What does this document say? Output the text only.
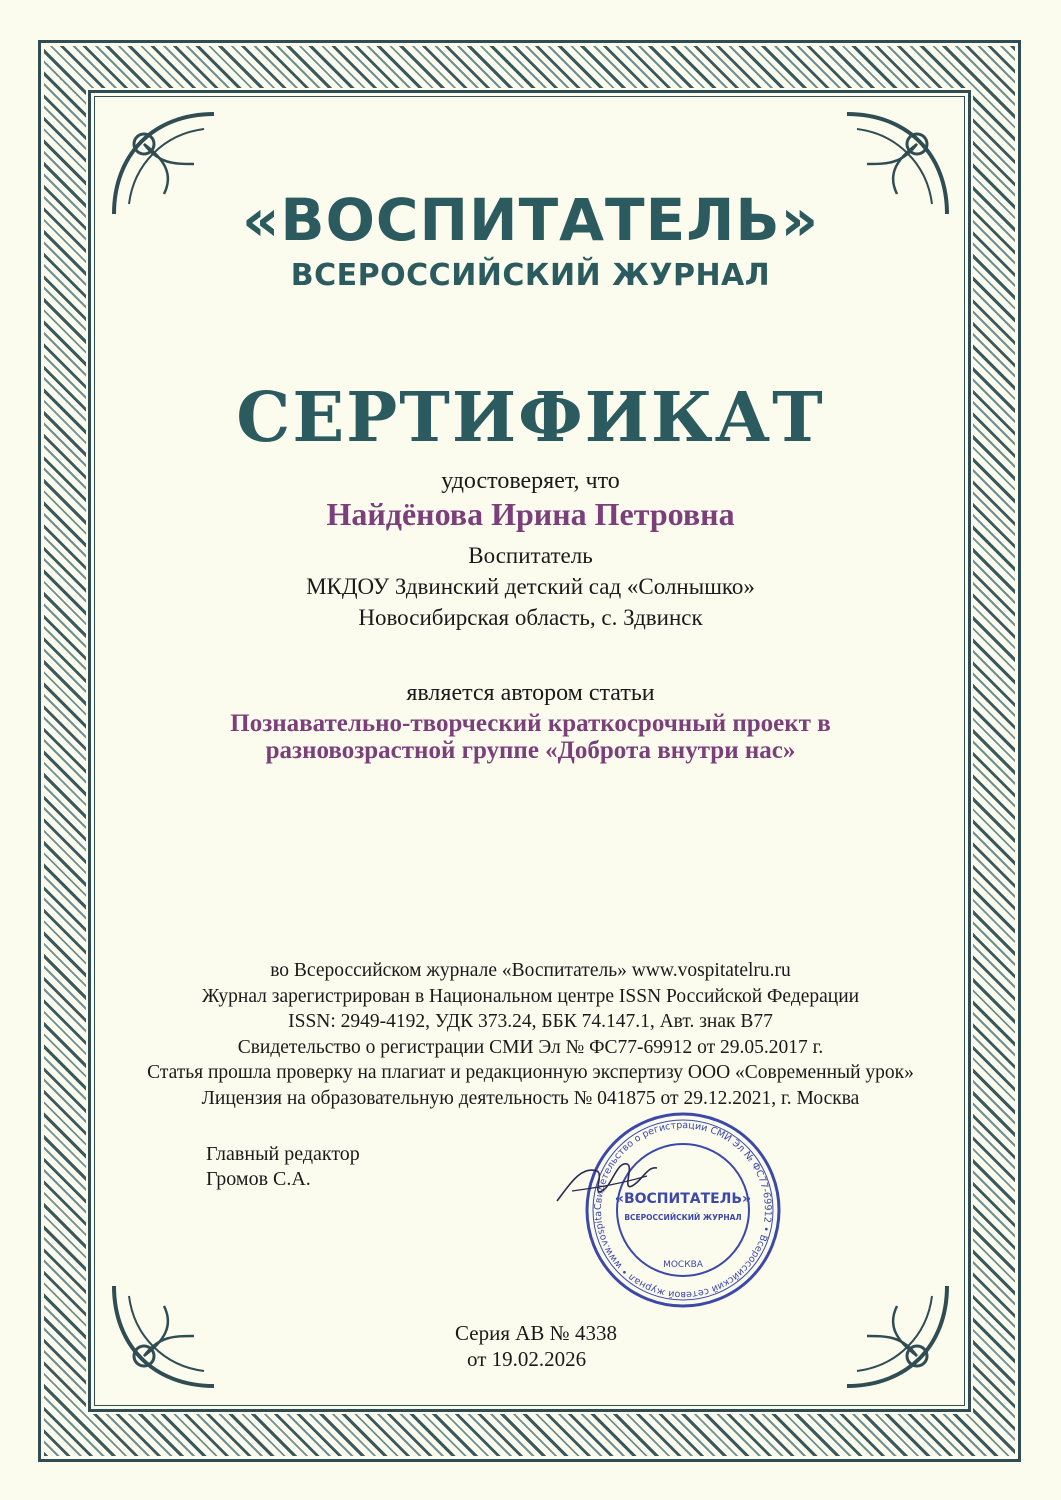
«ВОСПИТАТЕЛЬ»
ВСЕРОССИЙСКИЙ ЖУРНАЛ
СЕРТИФИКАТ
удостоверяет, что
Найдёнова Ирина Петровна
Воспитатель
МКДОУ Здвинский детский сад «Солнышко»
Новосибирская область, с. Здвинск
является автором статьи
Познавательно-творческий краткосрочный проект в разновозрастной группе «Доброта внутри нас»
во Всероссийском журнале «Воспитатель» www.vospitatelru.ru
Журнал зарегистрирован в Национальном центре ISSN Российской Федерации
ISSN: 2949-4192, УДК 373.24, ББК 74.147.1, Авт. знак В77
Свидетельство о регистрации СМИ Эл № ФС77-69912 от 29.05.2017 г.
Статья прошла проверку на плагиат и редакционную экспертизу ООО «Современный урок»
Лицензия на образовательную деятельность № 041875 от 29.12.2021, г. Москва
Главный редактор
Громов С.А.
Свидетельство о регистрации СМИ Эл № ФС77-69912 • Всероссийский сетевой журнал • www.vospita
«ВОСПИТАТЕЛЬ»
ВСЕРОССИЙСКИЙ ЖУРНАЛ
МОСКВА
Серия АВ № 4338
от 19.02.2026
